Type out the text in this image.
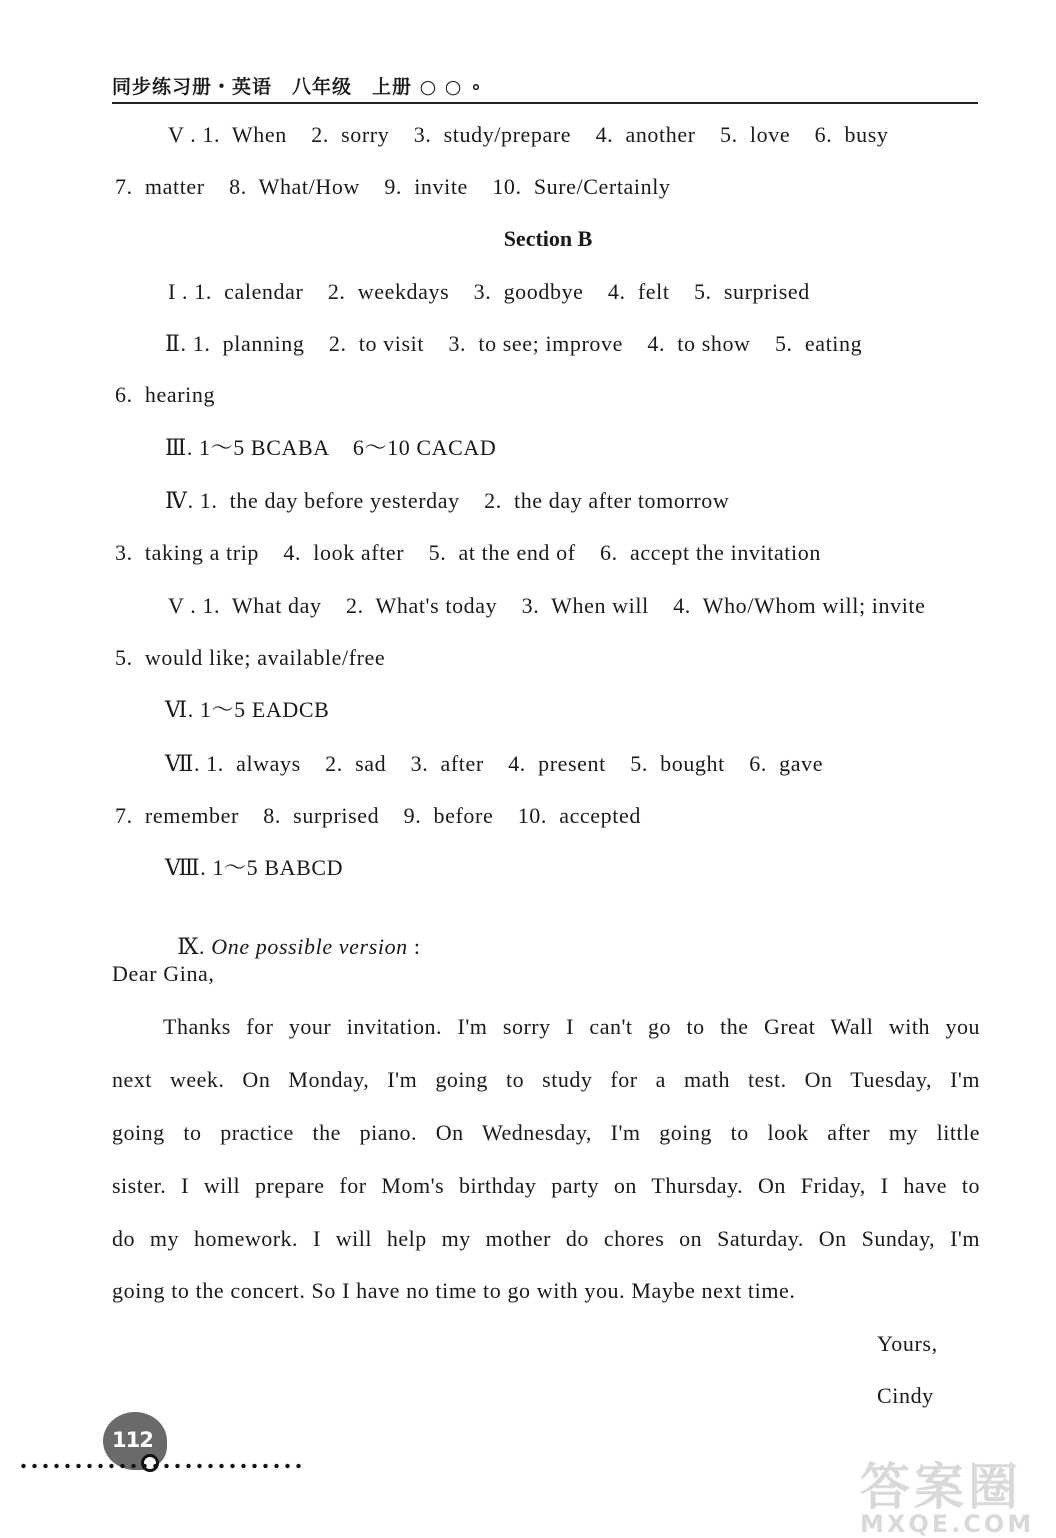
同步练习册・英语　八年级　上册 ○ ○ ∘
V . 1.  When    2.  sorry    3.  study/prepare    4.  another    5.  love    6.  busy
7.  matter    8.  What/How    9.  invite    10.  Sure/Certainly
Section B
I . 1.  calendar    2.  weekdays    3.  goodbye    4.  felt    5.  surprised
Ⅱ. 1.  planning    2.  to visit    3.  to see; improve    4.  to show    5.  eating
6.  hearing
Ⅲ. 1～5 BCABA    6～10 CACAD
Ⅳ. 1.  the day before yesterday    2.  the day after tomorrow
3.  taking a trip    4.  look after    5.  at the end of    6.  accept the invitation
V . 1.  What day    2.  What's today    3.  When will    4.  Who/Whom will; invite
5.  would like; available/free
Ⅵ. 1～5 EADCB
Ⅶ. 1.  always    2.  sad    3.  after    4.  present    5.  bought    6.  gave
7.  remember    8.  surprised    9.  before    10.  accepted
Ⅷ. 1～5 BABCD

Ⅸ. One possible version :

Dear Gina,
Thanks for your invitation. I'm sorry I can't go to the Great Wall with you
next week. On Monday, I'm going to study for a math test. On Tuesday, I'm
going to practice the piano. On Wednesday, I'm going to look after my little
sister. I will prepare for Mom's birthday party on Thursday. On Friday, I have to
do my homework. I will help my mother do chores on Saturday. On Sunday, I'm
going to the concert. So I have no time to go with you. Maybe next time.
Yours,
Cindy
112
答案圈
MXQE.COM
